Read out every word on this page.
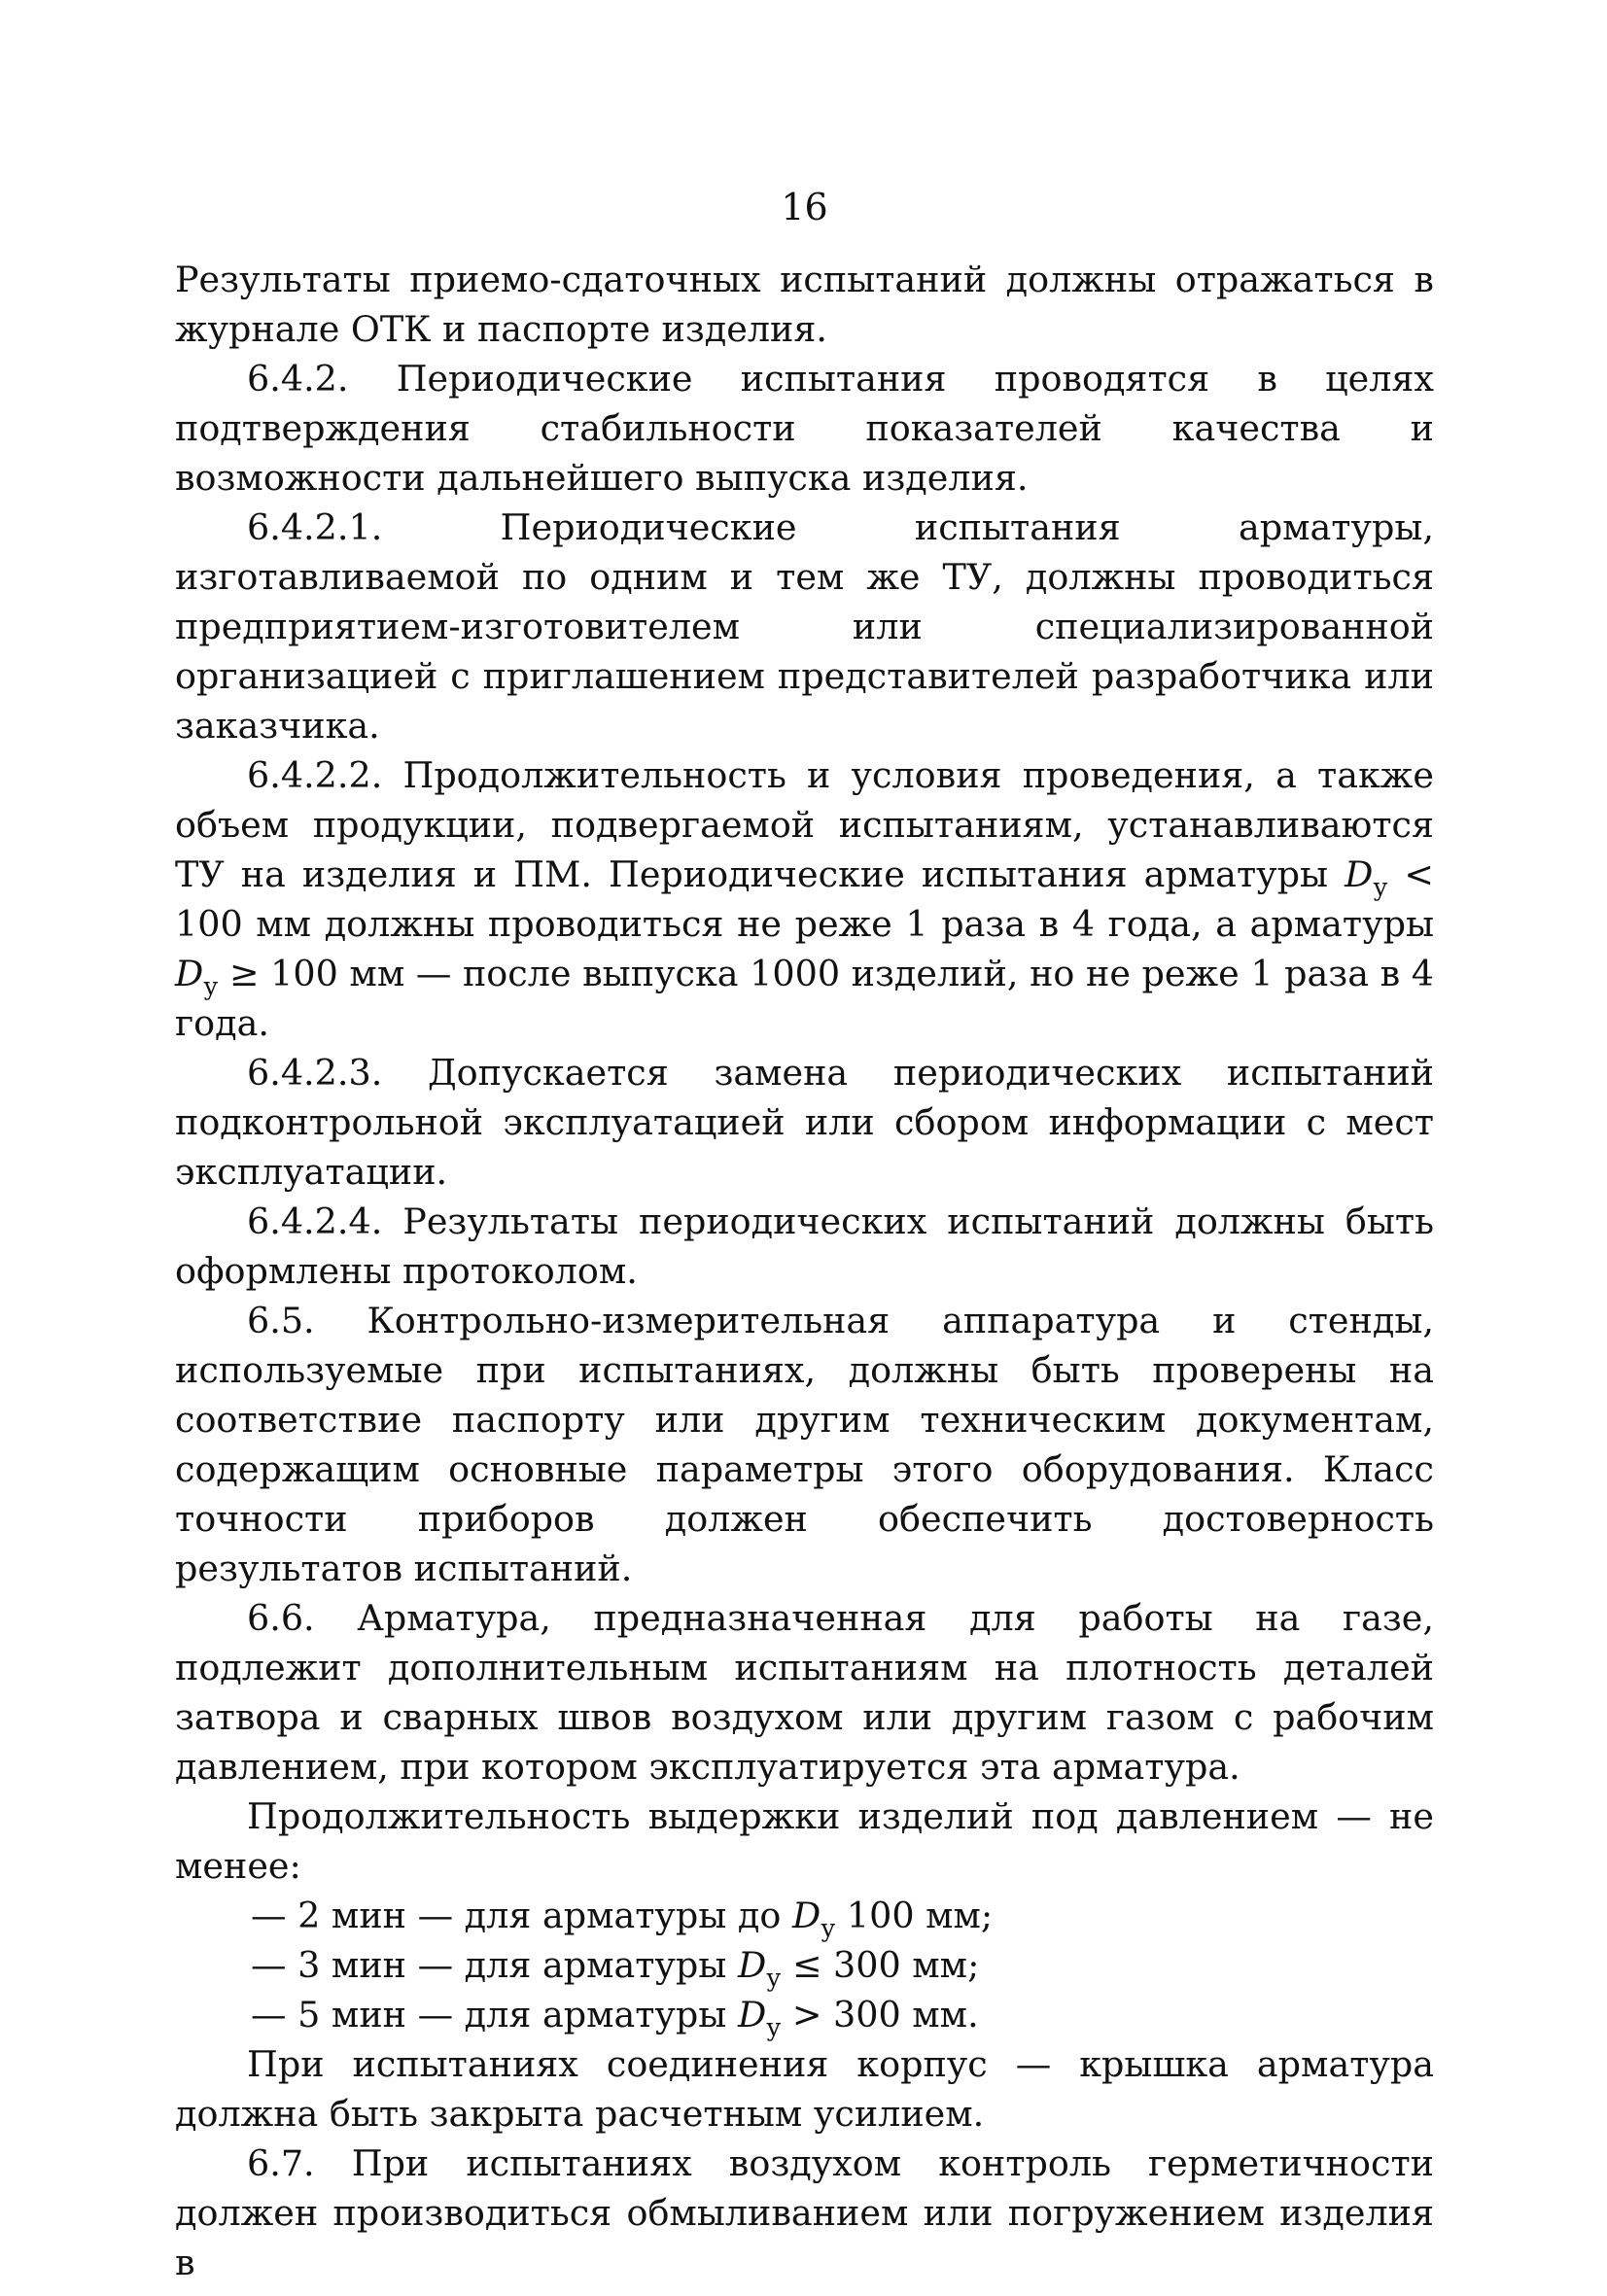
16

Результаты приемо-сдаточных испытаний должны отражаться в журнале ОТК и паспорте изделия.

6.4.2. Периодические испытания проводятся в целях подтверждения стабильности показателей качества и возможности дальнейшего выпуска изделия.

6.4.2.1. Периодические испытания арматуры, изготавливаемой по одним и тем же ТУ, должны проводиться предприятием-изготовителем или специализированной организацией с приглашением представителей разработчика или заказчика.

6.4.2.2. Продолжительность и условия проведения, а также объем продукции, подвергаемой испытаниям, устанавливаются ТУ на изделия и ПМ. Периодические испытания арматуры $D_у < 100$ мм должны проводиться не реже 1 раза в 4 года, а арматуры $D_у \ge 100$ мм — после выпуска 1000 изделий, но не реже 1 раза в 4 года.

6.4.2.3. Допускается замена периодических испытаний подконтрольной эксплуатацией или сбором информации с мест эксплуатации.

6.4.2.4. Результаты периодических испытаний должны быть оформлены протоколом.

6.5. Контрольно-измерительная аппаратура и стенды, используемые при испытаниях, должны быть проверены на соответствие паспорту или другим техническим документам, содержащим основные параметры этого оборудования. Класс точности приборов должен обеспечить достоверность результатов испытаний.

6.6. Арматура, предназначенная для работы на газе, подлежит дополнительным испытаниям на плотность деталей затвора и сварных швов воздухом или другим газом с рабочим давлением, при котором эксплуатируется эта арматура.

Продолжительность выдержки изделий под давлением — не менее:

— 2 мин — для арматуры до $D_у$ 100 мм;

— 3 мин — для арматуры $D_у \le 300$ мм;

— 5 мин — для арматуры $D_у > 300$ мм.

При испытаниях соединения корпус — крышка арматура должна быть закрыта расчетным усилием.

6.7. При испытаниях воздухом контроль герметичности должен производиться обмыливанием или погружением изделия в
